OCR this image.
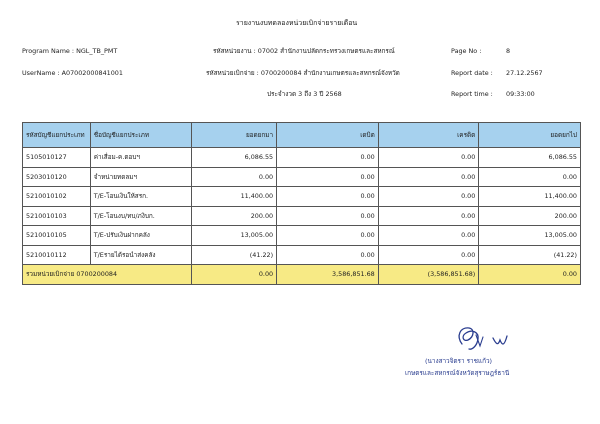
รายงานงบทดลองหน่วยเบิกจ่ายรายเดือน
Program Name : NGL_TB_PMT	รหัสหน่วยงาน : 07002 สำนักงานปลัดกระทรวงเกษตรและสหกรณ์	Page No :	8
UserName : A07002000841001	รหัสหน่วยเบิกจ่าย : 0700200084 สำนักงานเกษตรและสหกรณ์จังหวัด	Report date : 27.12.2567
ประจำงวด 3 ถึง 3 ปี 2568	Report time : 09:33:00
รหัสบัญชีแยกประเภท	ชื่อบัญชีแยกประเภท	ยอดยกมา	เดบิต	เครดิต	ยอดยกไป
5105010127	ค่าเสื่อม-ค.ตอบฯ	6,086.55	0.00	0.00	6,086.55
5203010120	จำหน่ายทดลมฯ	0.00	0.00	0.00	0.00
5210010102	T/E-โอนเงินให้สรก.	11,400.00	0.00	0.00	11,400.00
5210010103	T/E-โอนงบ/ทบ/ภงิบก.	200.00	0.00	0.00	200.00
5210010105	T/E-ปรับเงินฝากคลัง	13,005.00	0.00	0.00	13,005.00
5210010112	T/Eรายได้รอนำส่งคลัง	(41.22)	0.00	0.00	(41.22)
รวมหน่วยเบิกจ่าย 0700200084		0.00	3,586,851.68	(3,586,851.68)	0.00
(นางสาวจิตรา ราชแก้ว)
เกษตรและสหกรณ์จังหวัดสุราษฎร์ธานี
